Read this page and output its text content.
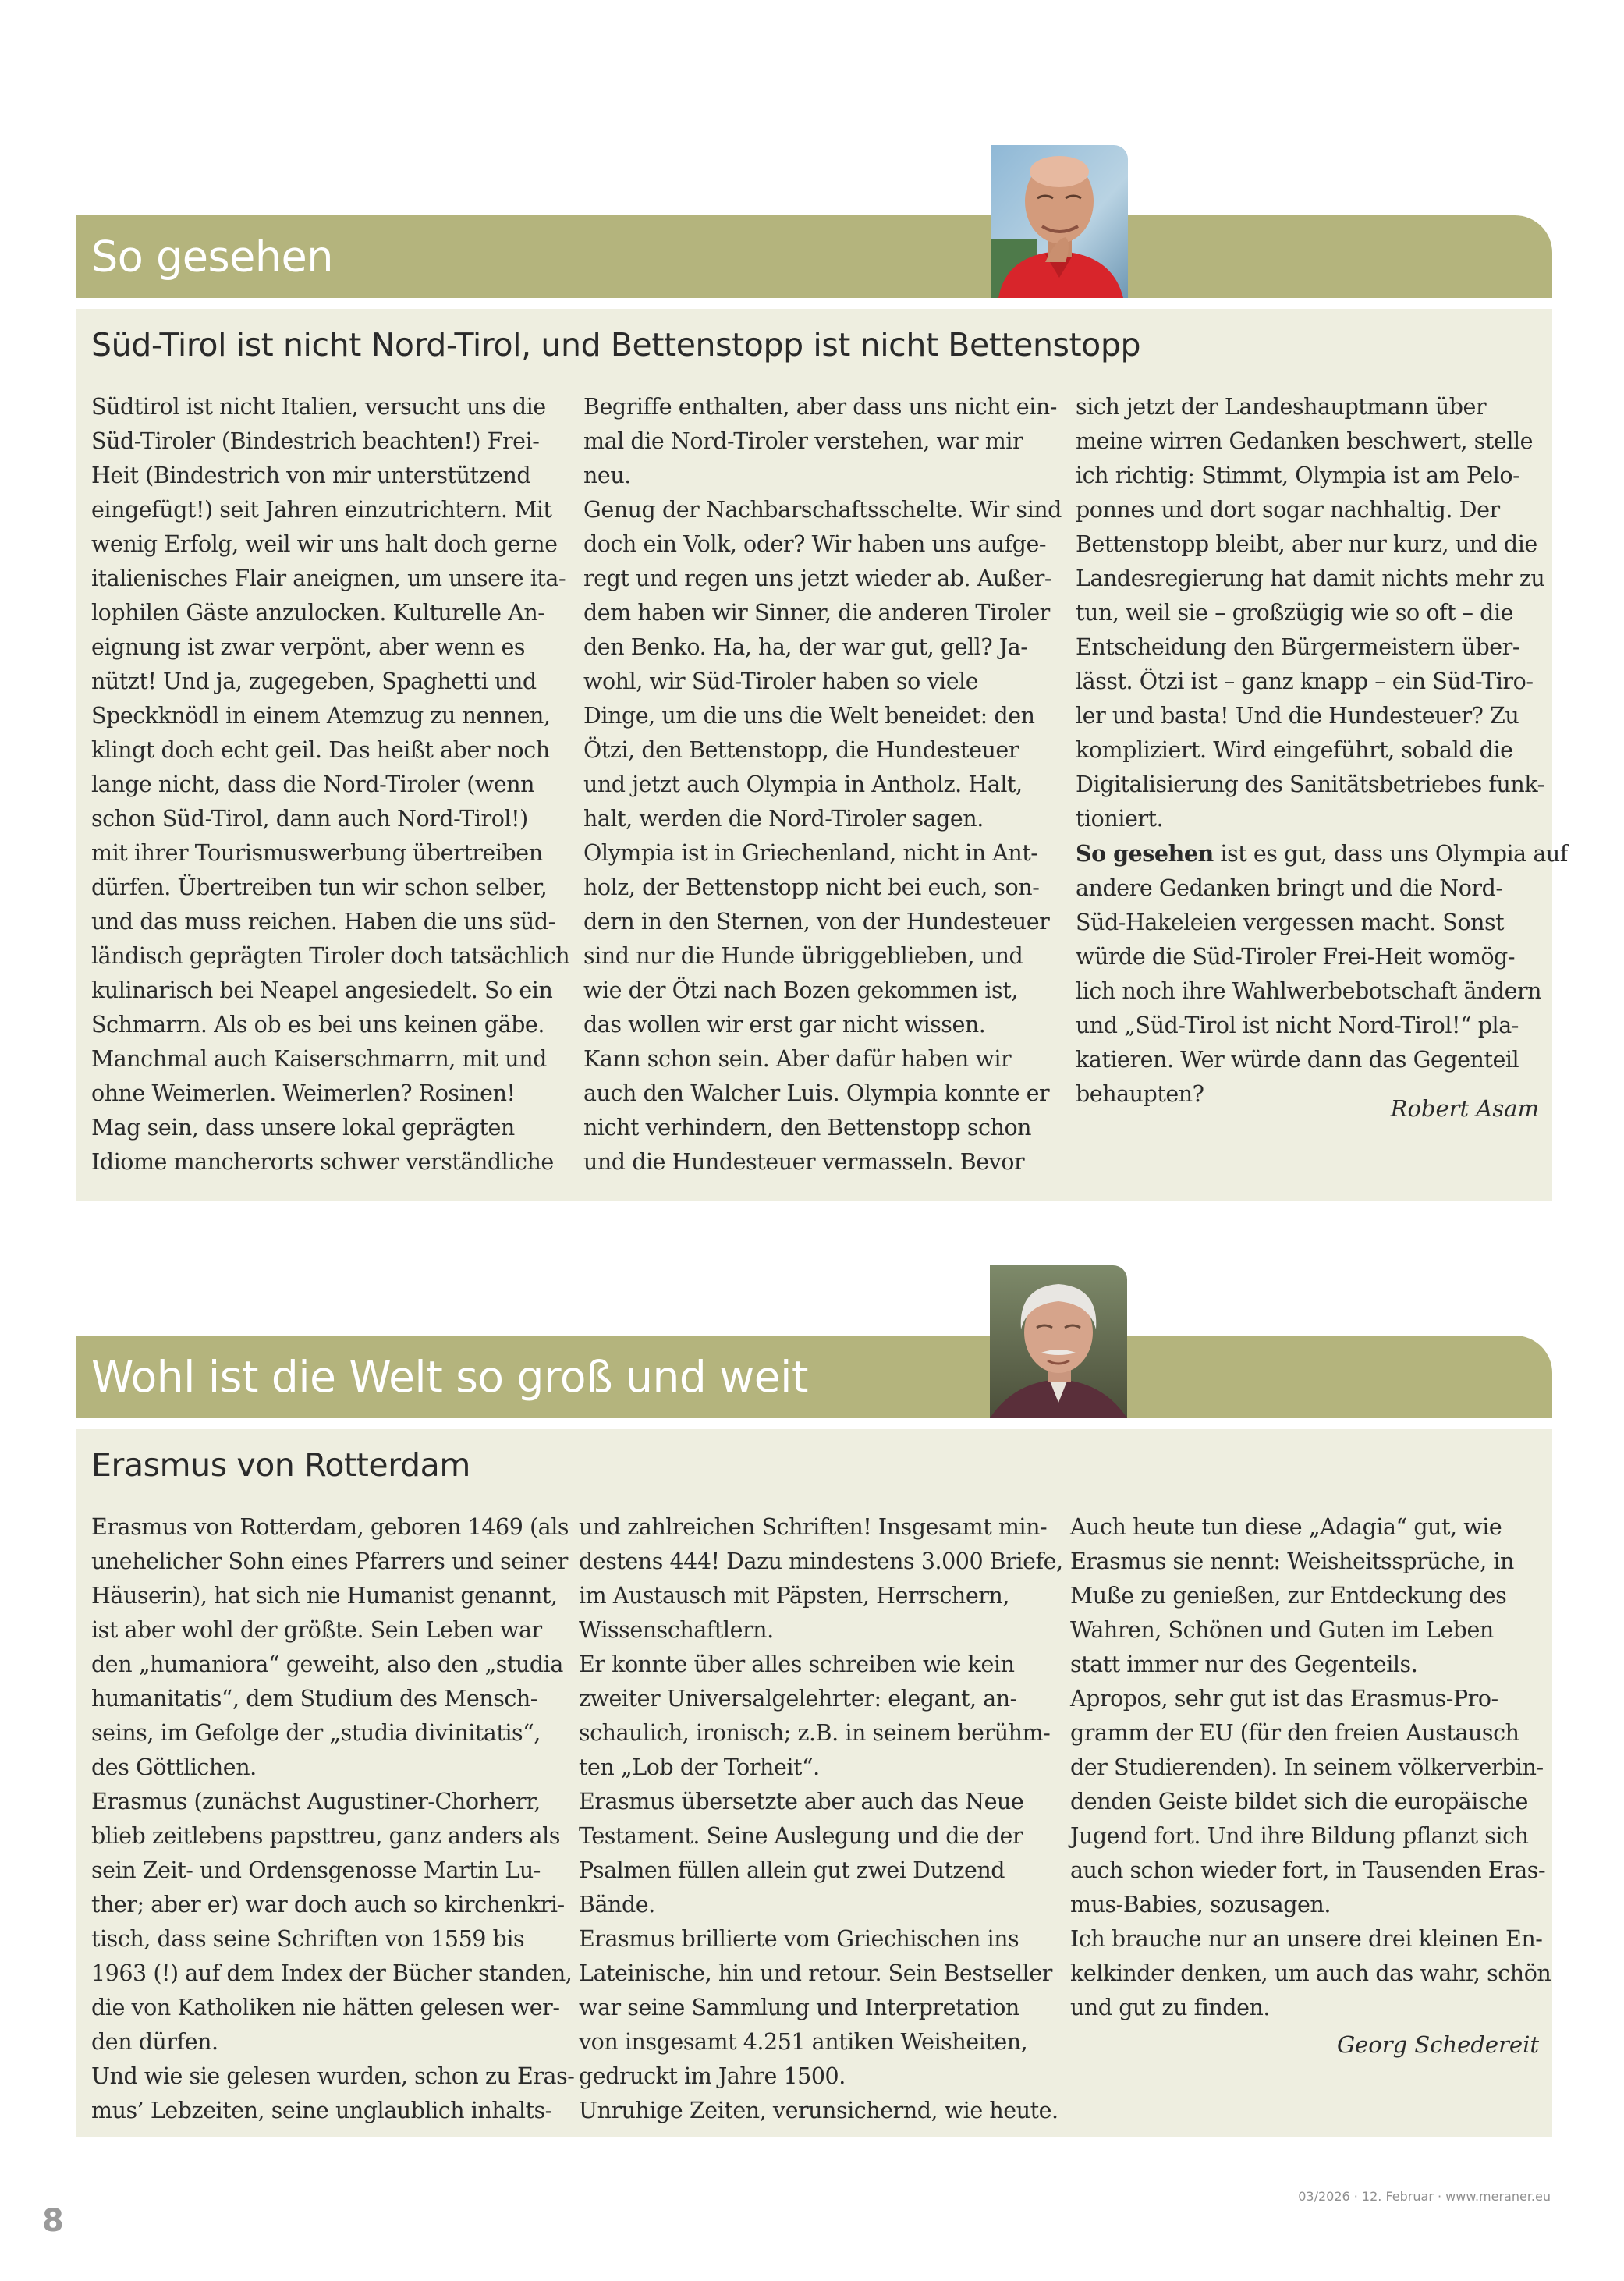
So gesehen
Süd-Tirol ist nicht Nord-Tirol, und Bettenstopp ist nicht Bettenstopp
Südtirol ist nicht Italien, versucht uns die
Süd-Tiroler (Bindestrich beachten!) Frei-
Heit (Bindestrich von mir unterstützend
eingefügt!) seit Jahren einzutrichtern. Mit
wenig Erfolg, weil wir uns halt doch gerne
italienisches Flair aneignen, um unsere ita-
lophilen Gäste anzulocken. Kulturelle An-
eignung ist zwar verpönt, aber wenn es
nützt! Und ja, zugegeben, Spaghetti und
Speckknödl in einem Atemzug zu nennen,
klingt doch echt geil. Das heißt aber noch
lange nicht, dass die Nord-Tiroler (wenn
schon Süd-Tirol, dann auch Nord-Tirol!)
mit ihrer Tourismuswerbung übertreiben
dürfen. Übertreiben tun wir schon selber,
und das muss reichen. Haben die uns süd-
ländisch geprägten Tiroler doch tatsächlich
kulinarisch bei Neapel angesiedelt. So ein
Schmarrn. Als ob es bei uns keinen gäbe.
Manchmal auch Kaiserschmarrn, mit und
ohne Weimerlen. Weimerlen? Rosinen!
Mag sein, dass unsere lokal geprägten
Idiome mancherorts schwer verständliche
Begriffe enthalten, aber dass uns nicht ein-
mal die Nord-Tiroler verstehen, war mir
neu.
Genug der Nachbarschaftsschelte. Wir sind
doch ein Volk, oder? Wir haben uns aufge-
regt und regen uns jetzt wieder ab. Außer-
dem haben wir Sinner, die anderen Tiroler
den Benko. Ha, ha, der war gut, gell? Ja-
wohl, wir Süd-Tiroler haben so viele
Dinge, um die uns die Welt beneidet: den
Ötzi, den Bettenstopp, die Hundesteuer
und jetzt auch Olympia in Antholz. Halt,
halt, werden die Nord-Tiroler sagen.
Olympia ist in Griechenland, nicht in Ant-
holz, der Bettenstopp nicht bei euch, son-
dern in den Sternen, von der Hundesteuer
sind nur die Hunde übriggeblieben, und
wie der Ötzi nach Bozen gekommen ist,
das wollen wir erst gar nicht wissen.
Kann schon sein. Aber dafür haben wir
auch den Walcher Luis. Olympia konnte er
nicht verhindern, den Bettenstopp schon
und die Hundesteuer vermasseln. Bevor
sich jetzt der Landeshauptmann über
meine wirren Gedanken beschwert, stelle
ich richtig: Stimmt, Olympia ist am Pelo-
ponnes und dort sogar nachhaltig. Der
Bettenstopp bleibt, aber nur kurz, und die
Landesregierung hat damit nichts mehr zu
tun, weil sie – großzügig wie so oft – die
Entscheidung den Bürgermeistern über-
lässt. Ötzi ist – ganz knapp – ein Süd-Tiro-
ler und basta! Und die Hundesteuer? Zu
kompliziert. Wird eingeführt, sobald die
Digitalisierung des Sanitätsbetriebes funk-
tioniert.
So gesehen ist es gut, dass uns Olympia auf
andere Gedanken bringt und die Nord-
Süd-Hakeleien vergessen macht. Sonst
würde die Süd-Tiroler Frei-Heit womög-
lich noch ihre Wahlwerbebotschaft ändern
und „Süd-Tirol ist nicht Nord-Tirol!“ pla-
katieren. Wer würde dann das Gegenteil
behaupten?
Robert Asam
Wohl ist die Welt so groß und weit
Erasmus von Rotterdam
Erasmus von Rotterdam, geboren 1469 (als
unehelicher Sohn eines Pfarrers und seiner
Häuserin), hat sich nie Humanist genannt,
ist aber wohl der größte. Sein Leben war
den „humaniora“ geweiht, also den „studia
humanitatis“, dem Studium des Mensch-
seins, im Gefolge der „studia divinitatis“,
des Göttlichen.
Erasmus (zunächst Augustiner-Chorherr,
blieb zeitlebens papsttreu, ganz anders als
sein Zeit- und Ordensgenosse Martin Lu-
ther; aber er) war doch auch so kirchenkri-
tisch, dass seine Schriften von 1559 bis
1963 (!) auf dem Index der Bücher standen,
die von Katholiken nie hätten gelesen wer-
den dürfen.
Und wie sie gelesen wurden, schon zu Eras-
mus’ Lebzeiten, seine unglaublich inhalts-
und zahlreichen Schriften! Insgesamt min-
destens 444! Dazu mindestens 3.000 Briefe,
im Austausch mit Päpsten, Herrschern,
Wissenschaftlern.
Er konnte über alles schreiben wie kein
zweiter Universalgelehrter: elegant, an-
schaulich, ironisch; z.B. in seinem berühm-
ten „Lob der Torheit“.
Erasmus übersetzte aber auch das Neue
Testament. Seine Auslegung und die der
Psalmen füllen allein gut zwei Dutzend
Bände.
Erasmus brillierte vom Griechischen ins
Lateinische, hin und retour. Sein Bestseller
war seine Sammlung und Interpretation
von insgesamt 4.251 antiken Weisheiten,
gedruckt im Jahre 1500.
Unruhige Zeiten, verunsichernd, wie heute.
Auch heute tun diese „Adagia“ gut, wie
Erasmus sie nennt: Weisheitssprüche, in
Muße zu genießen, zur Entdeckung des
Wahren, Schönen und Guten im Leben
statt immer nur des Gegenteils.
Apropos, sehr gut ist das Erasmus-Pro-
gramm der EU (für den freien Austausch
der Studierenden). In seinem völkerverbin-
denden Geiste bildet sich die europäische
Jugend fort. Und ihre Bildung pflanzt sich
auch schon wieder fort, in Tausenden Eras-
mus-Babies, sozusagen.
Ich brauche nur an unsere drei kleinen En-
kelkinder denken, um auch das wahr, schön
und gut zu finden.
Georg Schedereit
8
03/2026 · 12. Februar · www.meraner.eu
